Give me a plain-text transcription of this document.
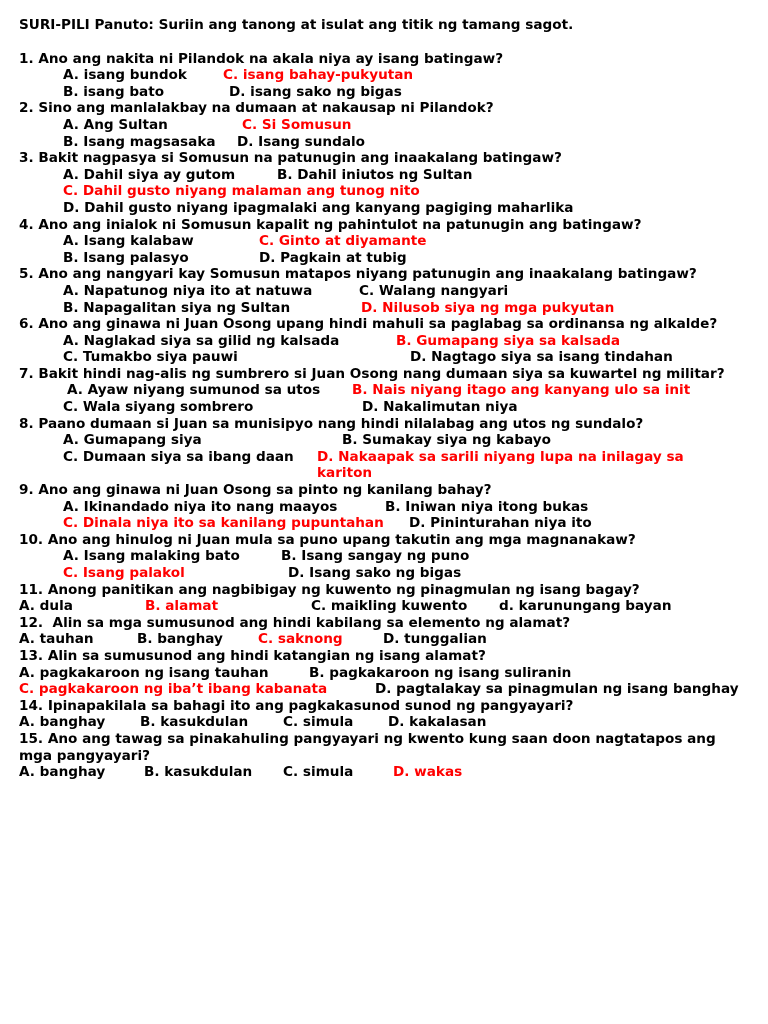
SURI-PILI Panuto: Suriin ang tanong at isulat ang titik ng tamang sagot.
1. Ano ang nakita ni Pilandok na akala niya ay isang batingaw?

A. isang bundok

	C. isang bahay-pukyutan

B. isang bato

	D. isang sako ng bigas

2. Sino ang manlalakbay na dumaan at nakausap ni Pilandok?

A. Ang Sultan

	C. Si Somusun

B. Isang magsasaka

D. Isang sundalo

3. Bakit nagpasya si Somusun na patunugin ang inaakalang batingaw?

A. Dahil siya ay gutom

	B. Dahil iniutos ng Sultan

C. Dahil gusto niyang malaman ang tunog nito

D. Dahil gusto niyang ipagmalaki ang kanyang pagiging maharlika

4. Ano ang inialok ni Somusun kapalit ng pahintulot na patunugin ang batingaw?

A. Isang kalabaw

	C. Ginto at diyamante

B. Isang palasyo

	D. Pagkain at tubig

5. Ano ang nangyari kay Somusun matapos niyang patunugin ang inaakalang batingaw?

A. Napatunog niya ito at natuwa

	C. Walang nangyari

B. Napagalitan siya ng Sultan

	D. Nilusob siya ng mga pukyutan

6. Ano ang ginawa ni Juan Osong upang hindi mahuli sa paglabag sa ordinansa ng alkalde?

A. Naglakad siya sa gilid ng kalsada

	B. Gumapang siya sa kalsada

C. Tumakbo siya pauwi

	D. Nagtago siya sa isang tindahan

7. Bakit hindi nag-alis ng sumbrero si Juan Osong nang dumaan siya sa kuwartel ng militar?

A. Ayaw niyang sumunod sa utos

B. Nais niyang itago ang kanyang ulo sa init

C. Wala siyang sombrero

	D. Nakalimutan niya

8. Paano dumaan si Juan sa munisipyo nang hindi nilalabag ang utos ng sundalo?

A. Gumapang siya

	B. Sumakay siya ng kabayo

C. Dumaan siya sa ibang daan

D. Nakaapak sa sarili niyang lupa na inilagay sa kariton

9. Ano ang ginawa ni Juan Osong sa pinto ng kanilang bahay?

A. Ikinandado niya ito nang maayos

	B. Iniwan niya itong bukas

C. Dinala niya ito sa kanilang pupuntahan

D. Pininturahan niya ito

10. Ano ang hinulog ni Juan mula sa puno upang takutin ang mga magnanakaw?

A. Isang malaking bato

	B. Isang sangay ng puno

C. Isang palakol

	D. Isang sako ng bigas

11. Anong panitikan ang nagbibigay ng kuwento ng pinagmulan ng isang bagay?

A. dula

	B. alamat

	C. maikling kuwento

d. karunungang bayan

12.  Alin sa mga sumusunod ang hindi kabilang sa elemento ng alamat?

A. tauhan

	B. banghay

	C. saknong

	D. tunggalian

13. Alin sa sumusunod ang hindi katangian ng isang alamat?

A. pagkakaroon ng isang tauhan

	B. pagkakaroon ng isang suliranin

C. pagkakaroon ng iba’t ibang kabanata

	D. pagtalakay sa pinagmulan ng isang banghay

14. Ipinapakilala sa bahagi ito ang pagkakasunod sunod ng pangyayari?

A. banghay

	B. kasukdulan

	C. simula

	D. kakalasan

15. Ano ang tawag sa pinakahuling pangyayari ng kwento kung saan doon nagtatapos ang mga pangyayari?

A. banghay

	B. kasukdulan

C. simula

	D. wakas
